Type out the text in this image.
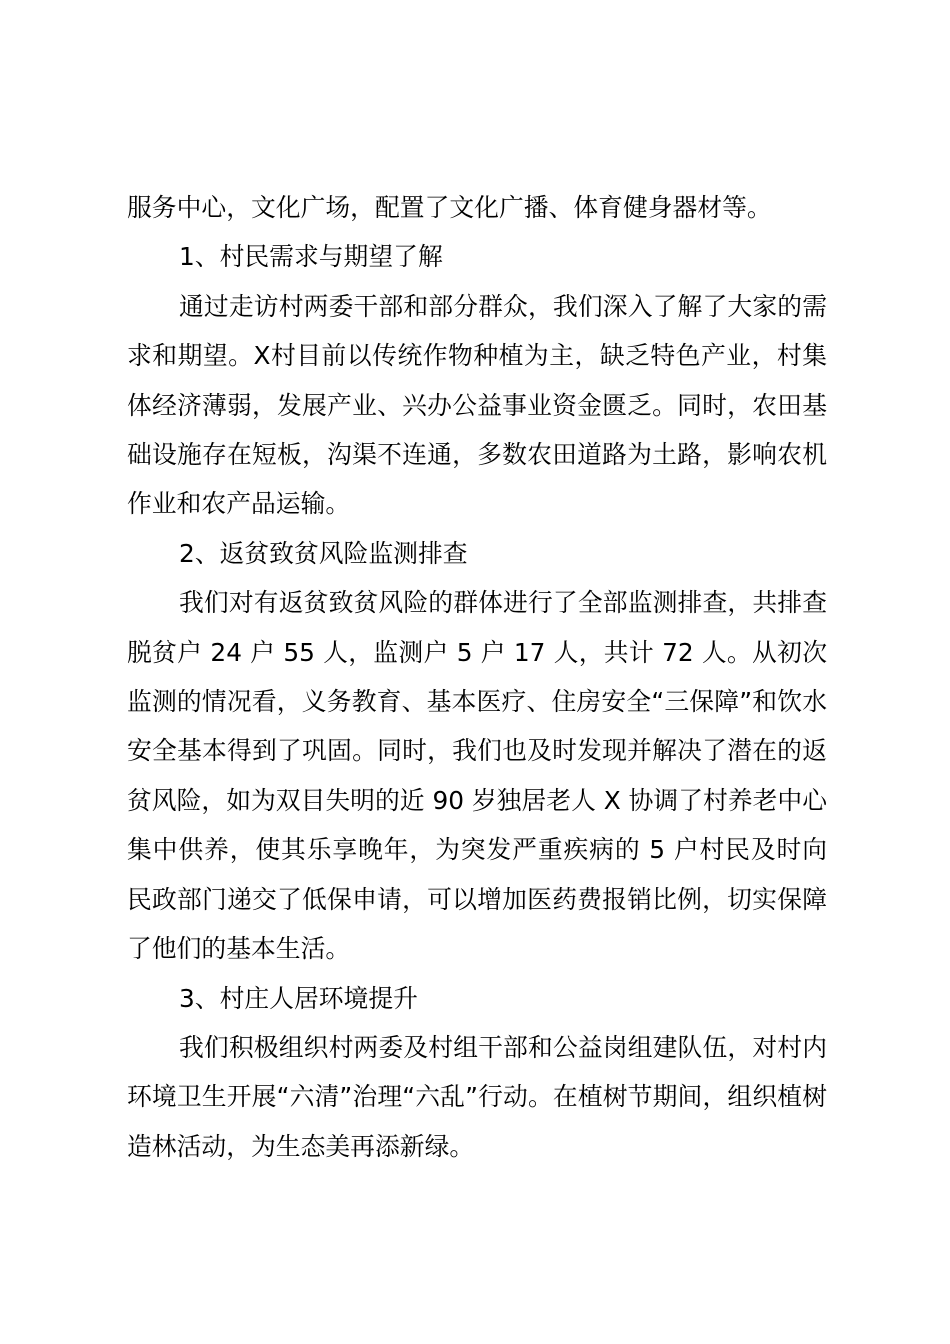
服务中心，文化广场，配置了文化广播、体育健身器材等。

1、村民需求与期望了解

通过走访村两委干部和部分群众，我们深入了解了大家的需求和期望。X村目前以传统作物种植为主，缺乏特色产业，村集体经济薄弱，发展产业、兴办公益事业资金匮乏。同时，农田基础设施存在短板，沟渠不连通，多数农田道路为土路，影响农机作业和农产品运输。

2、返贫致贫风险监测排查

我们对有返贫致贫风险的群体进行了全部监测排查，共排查脱贫户 24 户 55 人，监测户 5 户 17 人，共计 72 人。从初次监测的情况看，义务教育、基本医疗、住房安全“三保障”和饮水安全基本得到了巩固。同时，我们也及时发现并解决了潜在的返贫风险，如为双目失明的近 90 岁独居老人 X 协调了村养老中心集中供养，使其乐享晚年，为突发严重疾病的 5 户村民及时向民政部门递交了低保申请，可以增加医药费报销比例，切实保障了他们的基本生活。

3、村庄人居环境提升

我们积极组织村两委及村组干部和公益岗组建队伍，对村内环境卫生开展“六清”治理“六乱”行动。在植树节期间，组织植树造林活动，为生态美再添新绿。
